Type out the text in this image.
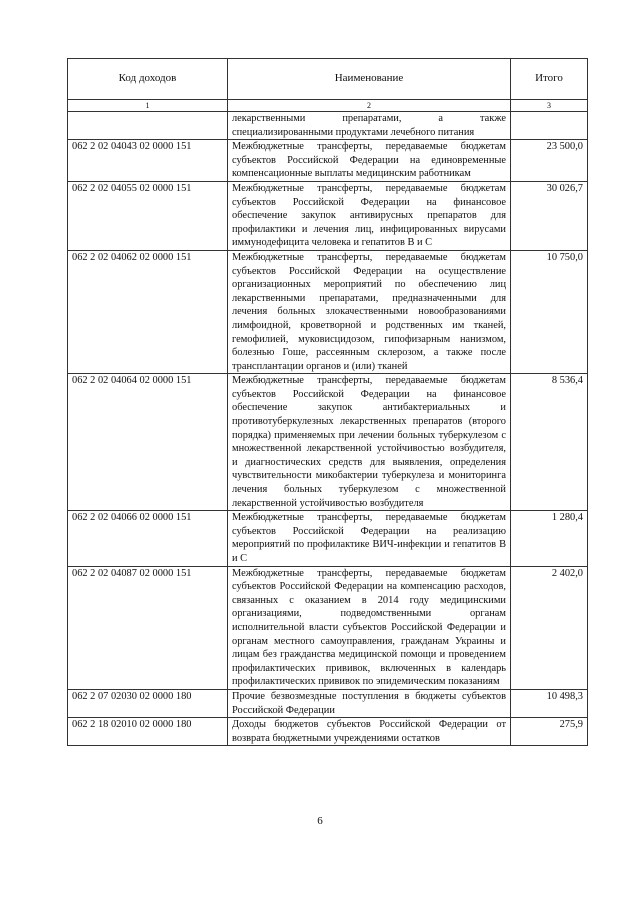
Код доходов	Наименование	Итого
1	2	3
	лекарственными препаратами, а также специализированными продуктами лечебного питания	
062 2 02 04043 02 0000 151	Межбюджетные трансферты, передаваемые бюджетам субъектов Российской Федерации на единовременные компенсационные выплаты медицинским работникам	23 500,0
062 2 02 04055 02 0000 151	Межбюджетные трансферты, передаваемые бюджетам субъектов Российской Федерации на финансовое обеспечение закупок антивирусных препаратов для профилактики и лечения лиц, инфицированных вирусами иммунодефицита человека и гепатитов B и C	30 026,7
062 2 02 04062 02 0000 151	Межбюджетные трансферты, передаваемые бюджетам субъектов Российской Федерации на осуществление организационных мероприятий по обеспечению лиц лекарственными препаратами, предназначенными для лечения больных злокачественными новообразованиями лимфоидной, кроветворной и родственных им тканей, гемофилией, муковисцидозом, гипофизарным нанизмом, болезнью Гоше, рассеянным склерозом, а также после трансплантации органов и (или) тканей	10 750,0
062 2 02 04064 02 0000 151	Межбюджетные трансферты, передаваемые бюджетам субъектов Российской Федерации на финансовое обеспечение закупок антибактериальных и противотуберкулезных лекарственных препаратов (второго порядка) применяемых при лечении больных туберкулезом с множественной лекарственной устойчивостью возбудителя, и диагностических средств для выявления, определения чувствительности микобактерии туберкулеза и мониторинга лечения больных туберкулезом с множественной лекарственной устойчивостью возбудителя	8 536,4
062 2 02 04066 02 0000 151	Межбюджетные трансферты, передаваемые бюджетам субъектов Российской Федерации на реализацию мероприятий по профилактике ВИЧ-инфекции и гепатитов B и C	1 280,4
062 2 02 04087 02 0000 151	Межбюджетные трансферты, передаваемые бюджетам субъектов Российской Федерации на компенсацию расходов, связанных с оказанием в 2014 году медицинскими организациями, подведомственными органам исполнительной власти субъектов Российской Федерации и органам местного самоуправления, гражданам Украины и лицам без гражданства медицинской помощи и проведением профилактических прививок, включенных в календарь профилактических прививок по эпидемическим показаниям	2 402,0
062 2 07 02030 02 0000 180	Прочие безвозмездные поступления в бюджеты субъектов Российской Федерации	10 498,3
062 2 18 02010 02 0000 180	Доходы бюджетов субъектов Российской Федерации от возврата бюджетными учреждениями остатков	275,9
6
